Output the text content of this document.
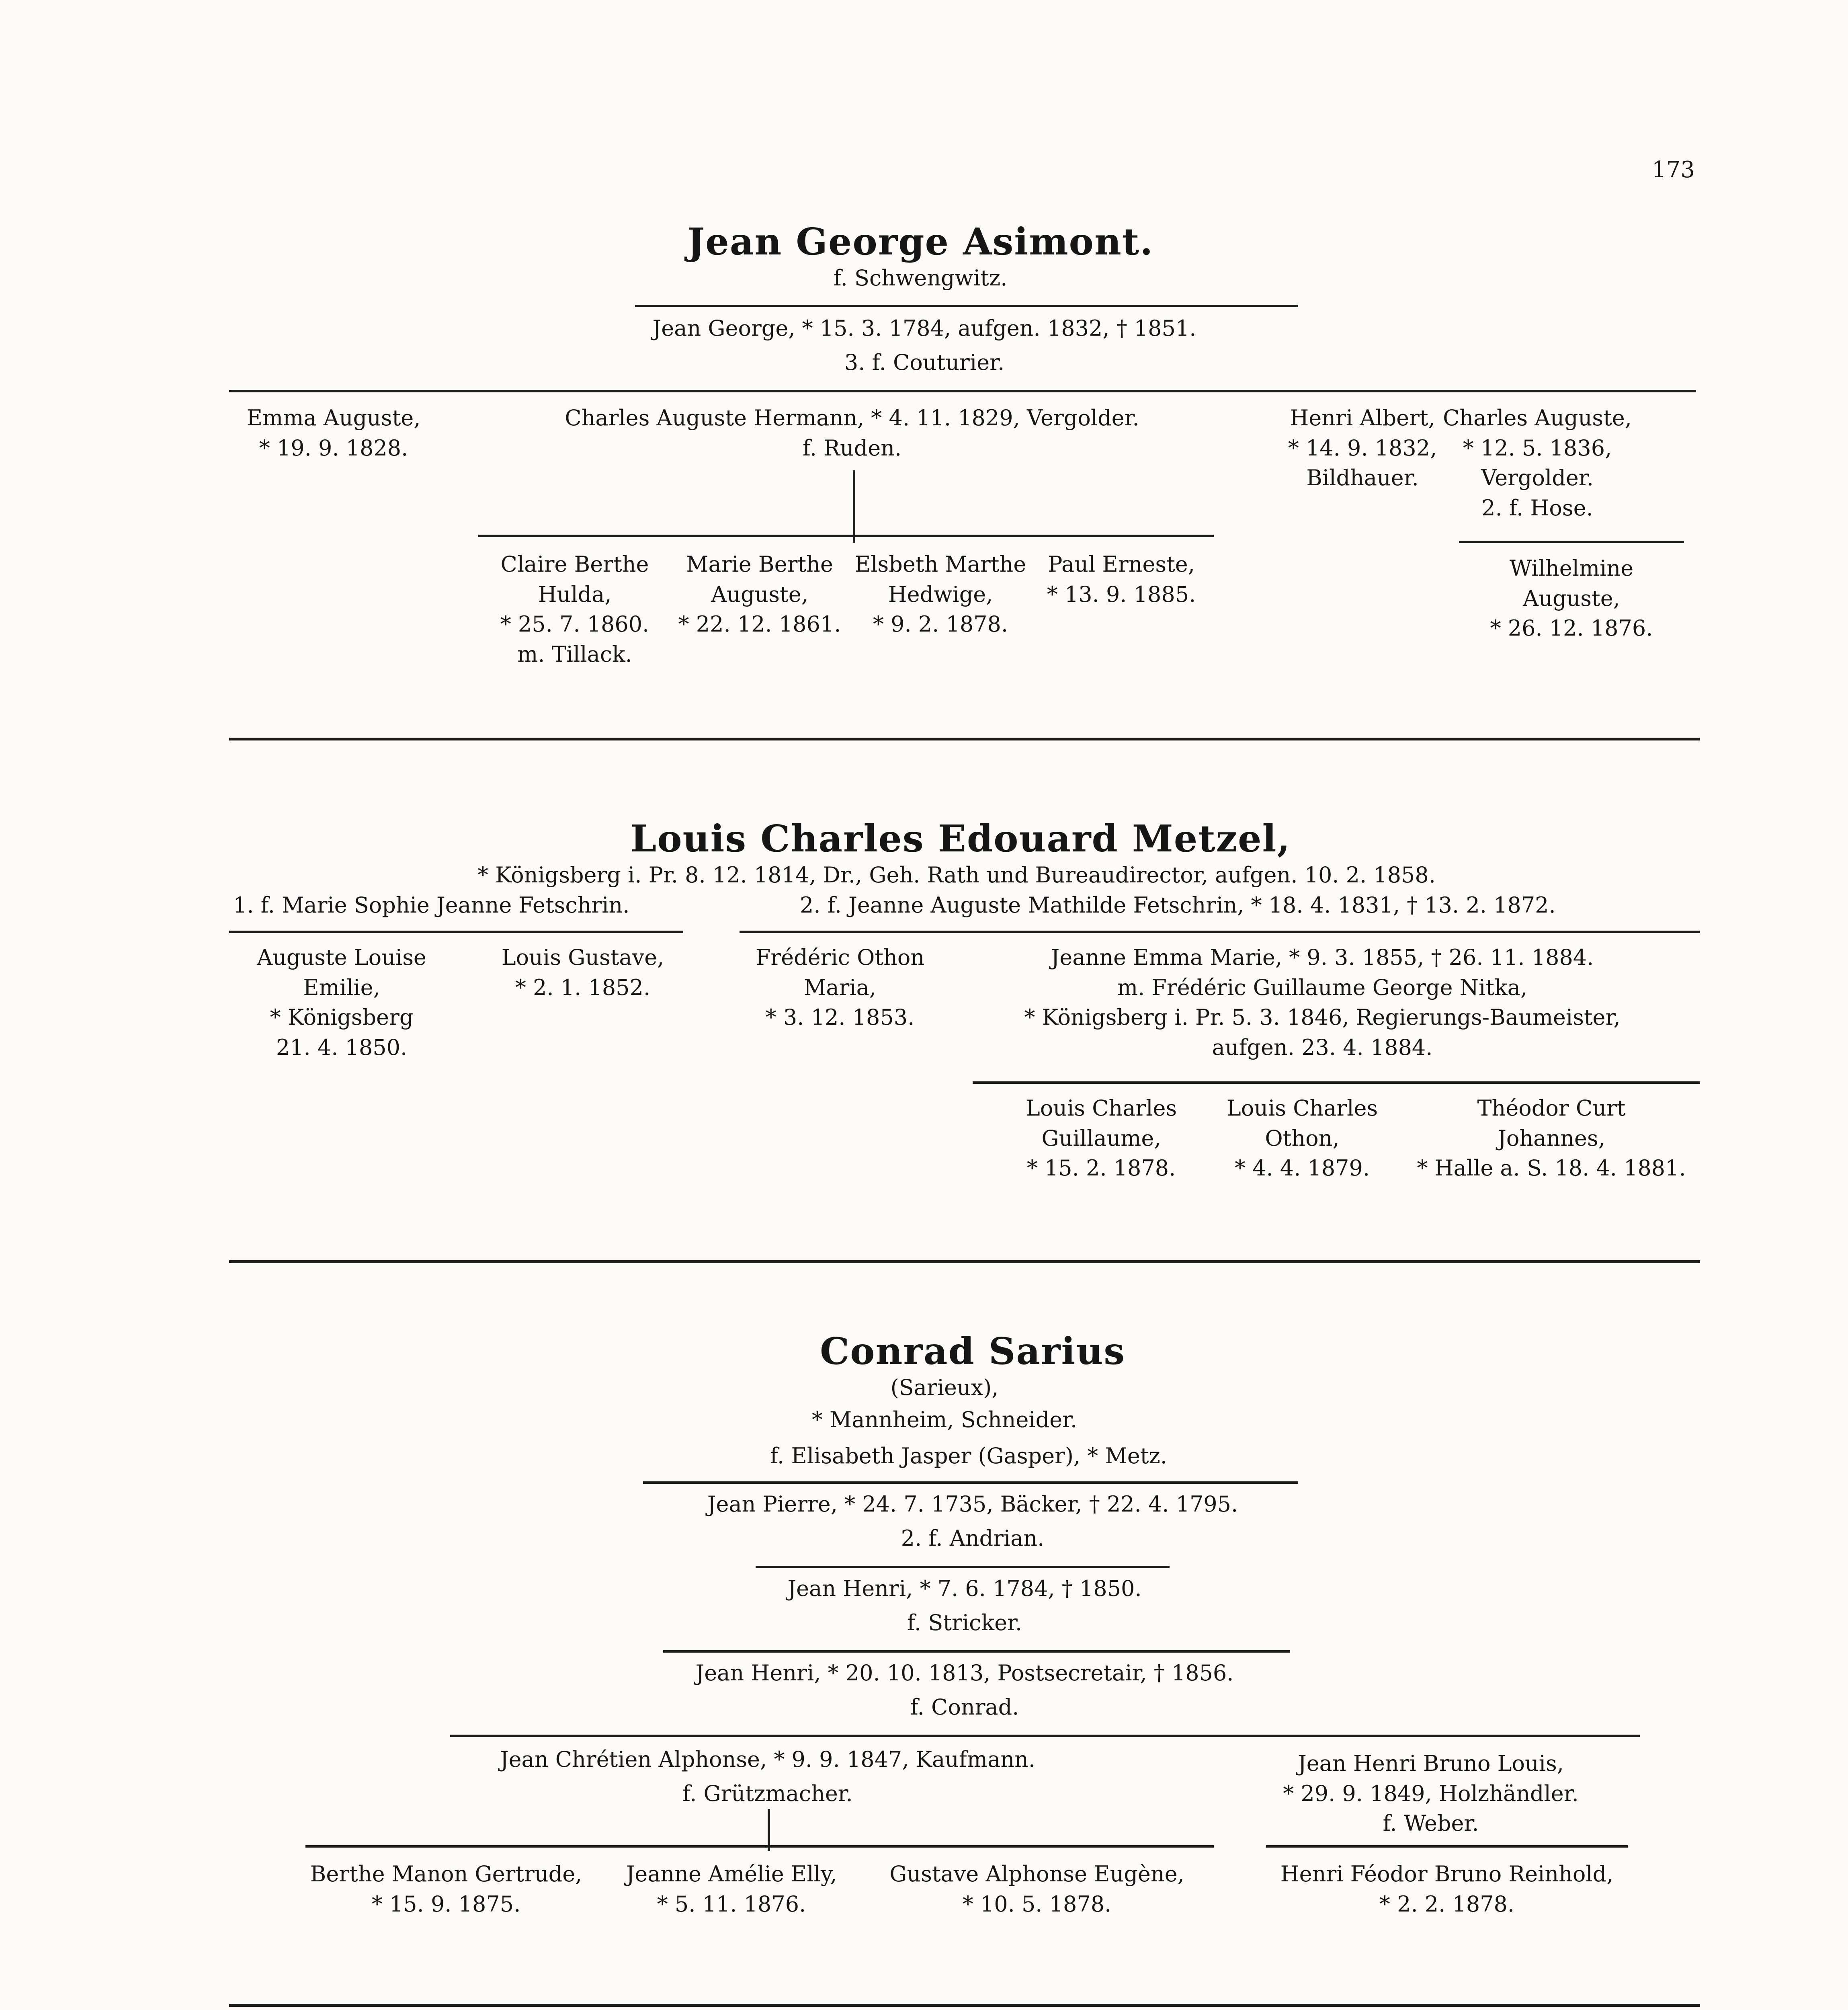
173
Jean George Asimont.
f. Schwengwitz.
Jean George, * 15. 3. 1784, aufgen. 1832, † 1851.
3. f. Couturier.

Emma Auguste,

* 19. 9. 1828.

Charles Auguste Hermann, * 4. 11. 1829, Vergolder.

f. Ruden.

Henri Albert,

* 14. 9. 1832,

Bildhauer.

Charles Auguste,

* 12. 5. 1836,

Vergolder.

2. f. Hose.

Claire Berthe

Hulda,

* 25. 7. 1860.

m. Tillack.

Marie Berthe

Auguste,

* 22. 12. 1861.

Elsbeth Marthe

Hedwige,

* 9. 2. 1878.

Paul Erneste,

* 13. 9. 1885.

Wilhelmine

Auguste,

* 26. 12. 1876.

Louis Charles Edouard Metzel,
* Königsberg i. Pr. 8. 12. 1814, Dr., Geh. Rath und Bureaudirector, aufgen. 10. 2. 1858.
1. f. Marie Sophie Jeanne Fetschrin.	2. f. Jeanne Auguste Mathilde Fetschrin, * 18. 4. 1831, † 13. 2. 1872.

Auguste Louise

Emilie,

* Königsberg

21. 4. 1850.

Louis Gustave,

* 2. 1. 1852.

Frédéric Othon

Maria,

* 3. 12. 1853.

Jeanne Emma Marie, * 9. 3. 1855, † 26. 11. 1884.

m. Frédéric Guillaume George Nitka,

* Königsberg i. Pr. 5. 3. 1846, Regierungs-Baumeister,

aufgen. 23. 4. 1884.

Louis Charles

Guillaume,

* 15. 2. 1878.

Louis Charles

Othon,

* 4. 4. 1879.

Théodor Curt

Johannes,

* Halle a. S. 18. 4. 1881.

Conrad Sarius
(Sarieux),
* Mannheim, Schneider.
f. Elisabeth Jasper (Gasper), * Metz.
Jean Pierre, * 24. 7. 1735, Bäcker, † 22. 4. 1795.
2. f. Andrian.
Jean Henri, * 7. 6. 1784, † 1850.
f. Stricker.
Jean Henri, * 20. 10. 1813, Postsecretair, † 1856.
f. Conrad.
Jean Chrétien Alphonse, * 9. 9. 1847, Kaufmann.
f. Grützmacher.

Jean Henri Bruno Louis,

* 29. 9. 1849, Holzhändler.

f. Weber.

Berthe Manon Gertrude,

* 15. 9. 1875.

Jeanne Amélie Elly,

* 5. 11. 1876.

Gustave Alphonse Eugène,

* 10. 5. 1878.

Henri Féodor Bruno Reinhold,

* 2. 2. 1878.
